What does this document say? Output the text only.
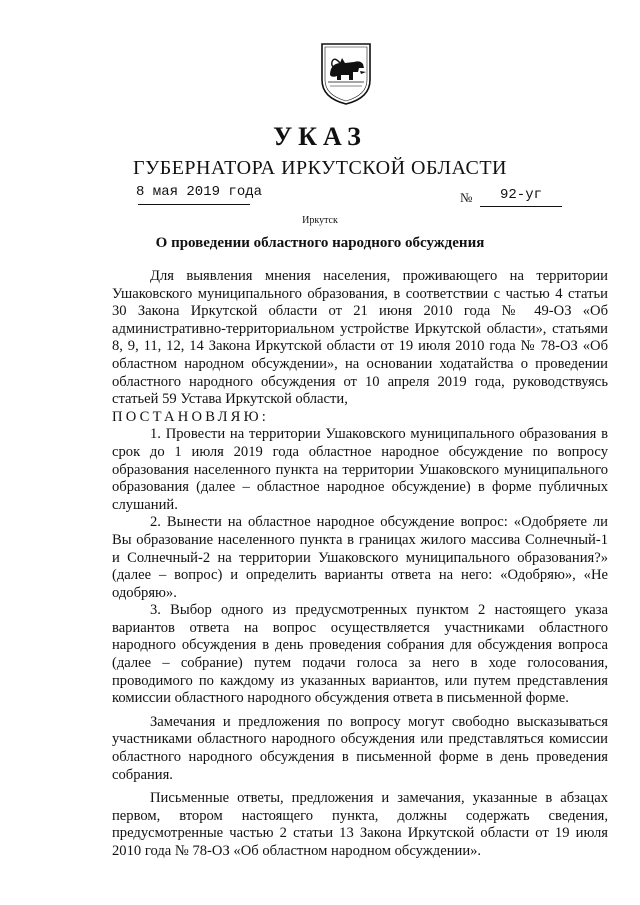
УКАЗ
ГУБЕРНАТОРА ИРКУТСКОЙ ОБЛАСТИ
8 мая 2019 года	№ 92-уг
Иркутск
О проведении областного народного обсуждения

Для выявления мнения населения, проживающего на территории Ушаковского муниципального образования, в соответствии с частью 4 статьи 30 Закона Иркутской области от 21 июня 2010 года № 49-ОЗ «Об административно-территориальном устройстве Иркутской области», статьями 8, 9, 11, 12, 14 Закона Иркутской области от 19 июля 2010 года № 78-ОЗ «Об областном народном обсуждении», на основании ходатайства о проведении областного народного обсуждения от 10 апреля 2019 года, руководствуясь статьей 59 Устава Иркутской области,

ПОСТАНОВЛЯЮ:

1. Провести на территории Ушаковского муниципального образования в срок до 1 июля 2019 года областное народное обсуждение по вопросу образования населенного пункта на территории Ушаковского муниципального образования (далее – областное народное обсуждение) в форме публичных слушаний.

2. Вынести на областное народное обсуждение вопрос: «Одобряете ли Вы образование населенного пункта в границах жилого массива Солнечный-1 и Солнечный-2 на территории Ушаковского муниципального образования?» (далее – вопрос) и определить варианты ответа на него: «Одобряю», «Не одобряю».

3. Выбор одного из предусмотренных пунктом 2 настоящего указа вариантов ответа на вопрос осуществляется участниками областного народного обсуждения в день проведения собрания для обсуждения вопроса (далее – собрание) путем подачи голоса за него в ходе голосования, проводимого по каждому из указанных вариантов, или путем представления комиссии областного народного обсуждения ответа в письменной форме.

Замечания и предложения по вопросу могут свободно высказываться участниками областного народного обсуждения или представляться комиссии областного народного обсуждения в письменной форме в день проведения собрания.

Письменные ответы, предложения и замечания, указанные в абзацах первом, втором настоящего пункта, должны содержать сведения, предусмотренные частью 2 статьи 13 Закона Иркутской области от 19 июля 2010 года № 78-ОЗ «Об областном народном обсуждении».
